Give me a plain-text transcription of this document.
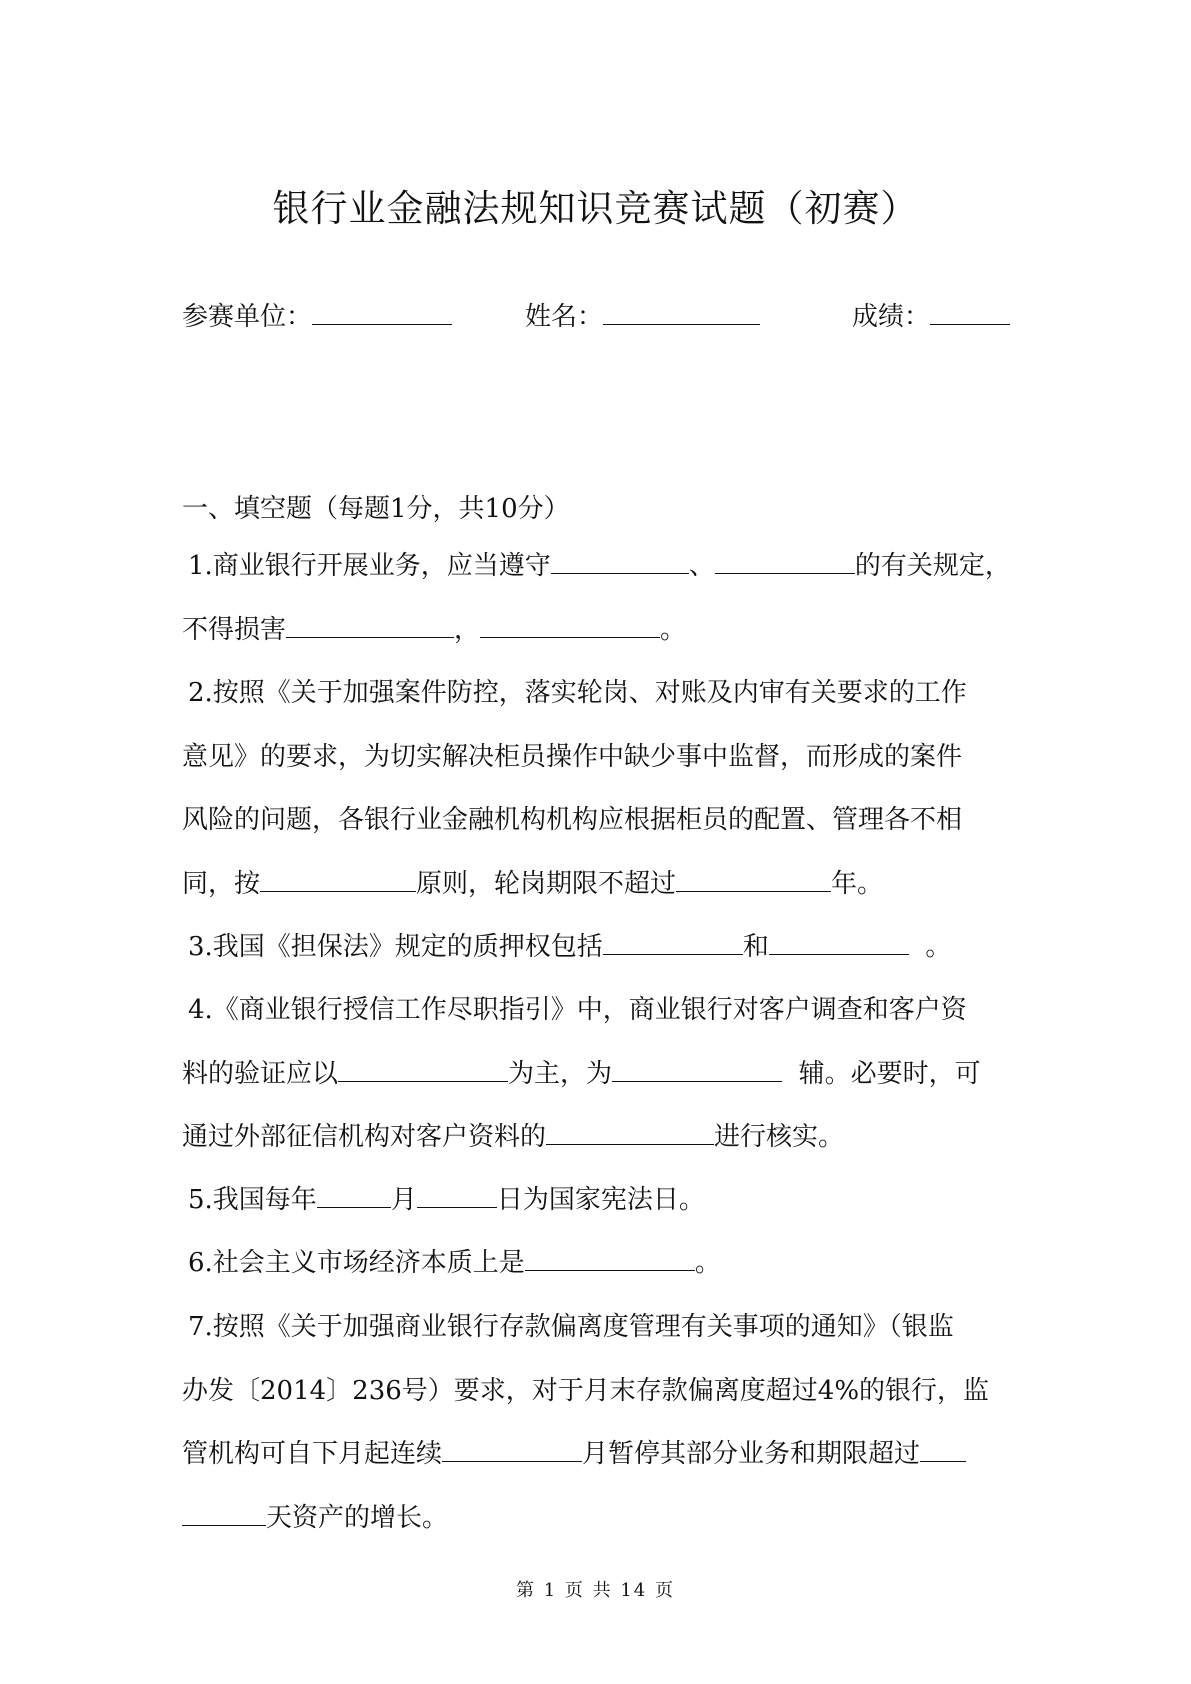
银行业金融法规知识竞赛试题（初赛）
参赛单位：	姓名：	成绩：
一、填空题（每题1分，共10分）

1.商业银行开展业务，应当遵守	、	的有关规定，
不得损害	，	。

2.按照《关于加强案件防控，落实轮岗、对账及内审有关要求的工作
意见》的要求，为切实解决柜员操作中缺少事中监督，而形成的案件
风险的问题，各银行业金融机构机构应根据柜员的配置、管理各不相
同，按	原则，轮岗期限不超过	年。

3.我国《担保法》规定的质押权包括	和	。

4.《商业银行授信工作尽职指引》中，商业银行对客户调查和客户资
料的验证应以	为主，为	辅。必要时，可
通过外部征信机构对客户资料的	进行核实。

5.我国每年	月	日为国家宪法日。

6.社会主义市场经济本质上是	。

7.按照《关于加强商业银行存款偏离度管理有关事项的通知》（银监
办发〔2014〕236号）要求，对于月末存款偏离度超过4%的银行，监
管机构可自下月起连续	月暂停其部分业务和期限超过
天资产的增长。

第 1 页 共 14 页
